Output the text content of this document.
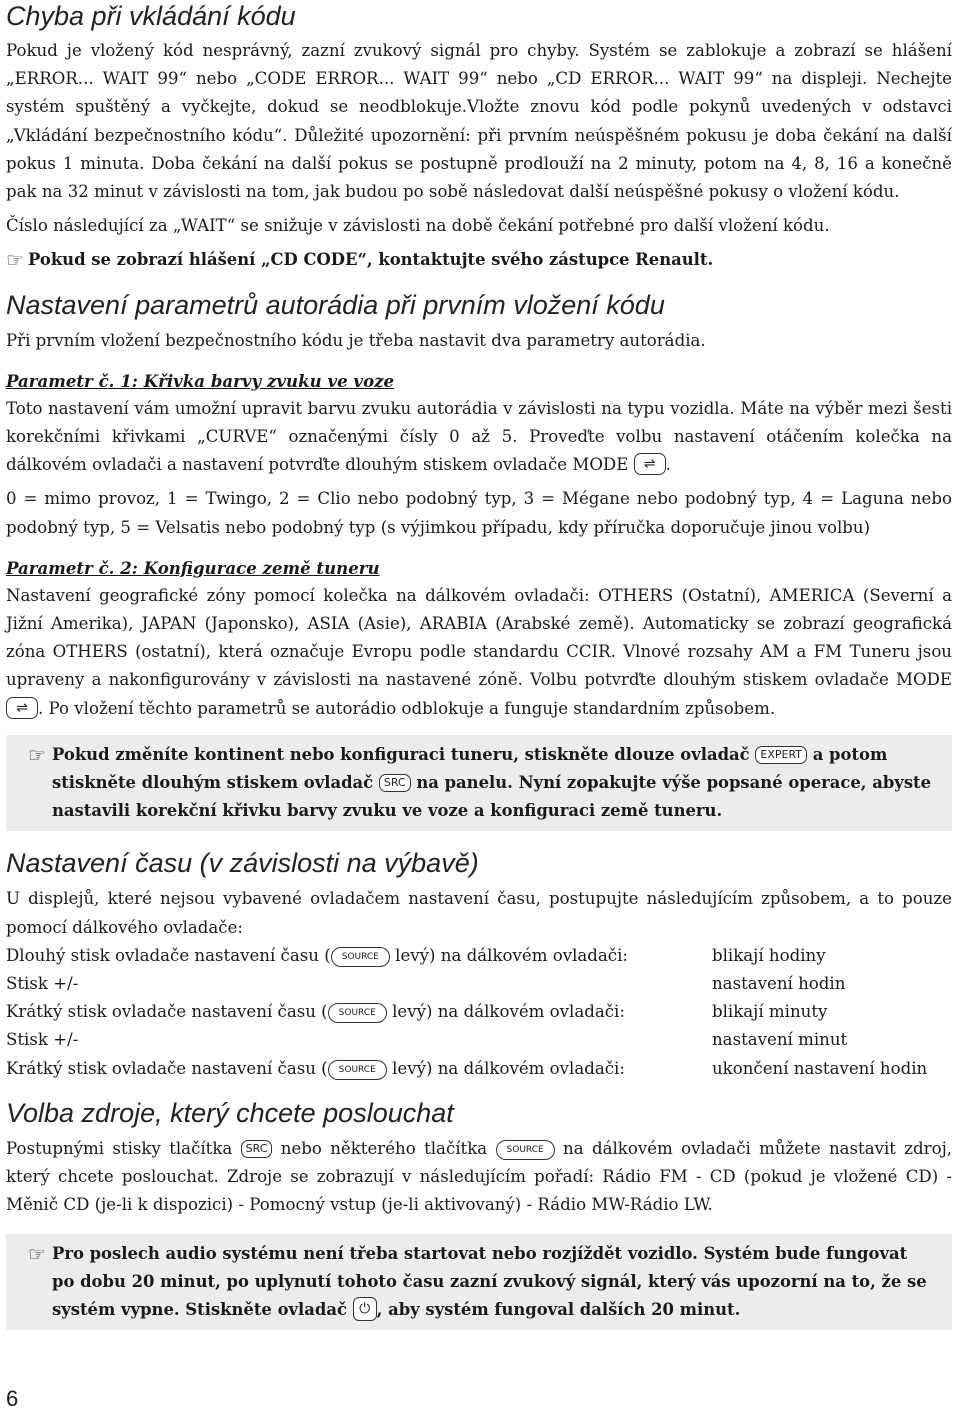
Chyba při vkládání kódu

Pokud je vložený kód nesprávný, zazní zvukový signál pro chyby. Systém se zablokuje a zobrazí se hlášení „ERROR... WAIT 99“ nebo „CODE ERROR... WAIT 99“ nebo „CD ERROR... WAIT 99“ na displeji. Nechejte systém spuštěný a vyčkejte, dokud se neodblokuje.Vložte znovu kód podle pokynů uvedených v odstavci „Vkládání bezpečnostního kódu“. Důležité upozornění: při prvním neúspěšném pokusu je doba čekání na další pokus 1 minuta. Doba čekání na další pokus se postupně prodlouží na 2 minuty, potom na 4, 8, 16 a konečně pak na 32 minut v závislosti na tom, jak budou po sobě následovat další neúspěšné pokusy o vložení kódu.

Číslo následující za „WAIT“ se snižuje v závislosti na době čekání potřebné pro další vložení kódu.

☞ Pokud se zobrazí hlášení „CD CODE“, kontaktujte svého zástupce Renault.
Nastavení parametrů autorádia při prvním vložení kódu

Při prvním vložení bezpečnostního kódu je třeba nastavit dva parametry autorádia.

Parametr č. 1: Křivka barvy zvuku ve voze

Toto nastavení vám umožní upravit barvu zvuku autorádia v závislosti na typu vozidla. Máte na výběr mezi šesti korekčními křivkami „CURVE“ označenými čísly 0 až 5. Proveďte volbu nastavení otáčením kolečka na dálkovém ovladači a nastavení potvrďte dlouhým stiskem ovladače MODE ⇌ .

0 = mimo provoz, 1 = Twingo, 2 = Clio nebo podobný typ, 3 = Mégane nebo podobný typ, 4 = Laguna nebo podobný typ, 5 = Velsatis nebo podobný typ (s výjimkou případu, kdy příručka doporučuje jinou volbu)

Parametr č. 2: Konfigurace země tuneru

Nastavení geografické zóny pomocí kolečka na dálkovém ovladači: OTHERS (Ostatní), AMERICA (Severní a Jižní Amerika), JAPAN (Japonsko), ASIA (Asie), ARABIA (Arabské země). Automaticky se zobrazí geografická zóna OTHERS (ostatní), která označuje Evropu podle standardu CCIR. Vlnové rozsahy AM a FM Tuneru jsou upraveny a nakonfigurovány v závislosti na nastavené zóně. Volbu potvrďte dlouhým stiskem ovladače MODE ⇌ . Po vložení těchto parametrů se autorádio odblokuje a funguje standardním způsobem.

☞ Pokud změníte kontinent nebo konfiguraci tuneru, stiskněte dlouze ovladač EXPERT a potom stiskněte dlouhým stiskem ovladač SRC na panelu. Nyní zopakujte výše popsané operace, abyste nastavili korekční křivku barvy zvuku ve voze a konfiguraci země tuneru.
Nastavení času (v závislosti na výbavě)

U displejů, které nejsou vybavené ovladačem nastavení času, postupujte následujícím způsobem, a to pouze pomocí dálkového ovladače:

Dlouhý stisk ovladače nastavení času ( SOURCE levý) na dálkovém ovladači:	blikají hodiny
Stisk +/-	nastavení hodin
Krátký stisk ovladače nastavení času ( SOURCE levý) na dálkovém ovladači:	blikají minuty
Stisk +/-	nastavení minut
Krátký stisk ovladače nastavení času ( SOURCE levý) na dálkovém ovladači:	ukončení nastavení hodin
Volba zdroje, který chcete poslouchat

Postupnými stisky tlačítka SRC nebo některého tlačítka SOURCE na dálkovém ovladači můžete nastavit zdroj, který chcete poslouchat. Zdroje se zobrazují v následujícím pořadí: Rádio FM - CD (pokud je vložené CD) - Měnič CD (je-li k dispozici) - Pomocný vstup (je-li aktivovaný) - Rádio MW-Rádio LW.

☞ Pro poslech audio systému není třeba startovat nebo rozjíždět vozidlo. Systém bude fungovat po dobu 20 minut, po uplynutí tohoto času zazní zvukový signál, který vás upozorní na to, že se systém vypne. Stiskněte ovladač ⏻ , aby systém fungoval dalších 20 minut.
6
